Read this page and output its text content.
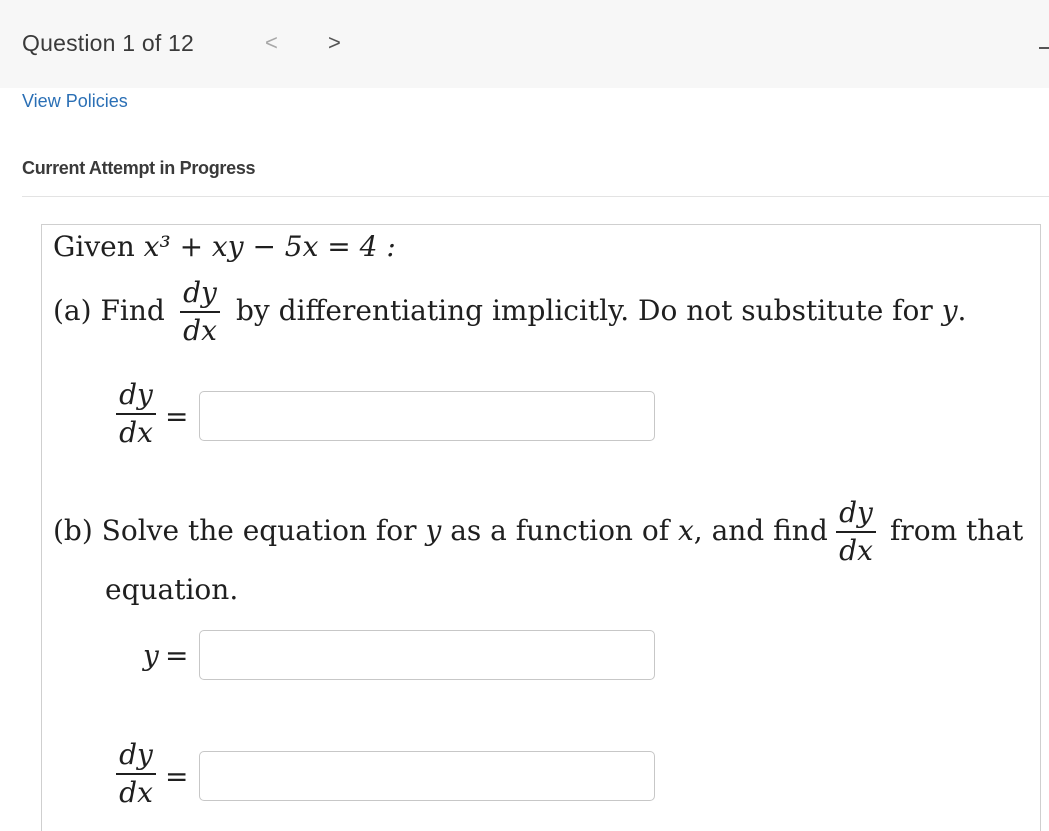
Question 1 of 12	< >
View Policies
Current Attempt in Progress
Given x³ + xy − 5x = 4 :
(a) Find
dy
dx
by differentiating implicitly. Do not substitute for y.
dy
dx =
(b) Solve the equation for y as a function of x, and find
dy
dx
from that
equation.
y =
dy
dx =
